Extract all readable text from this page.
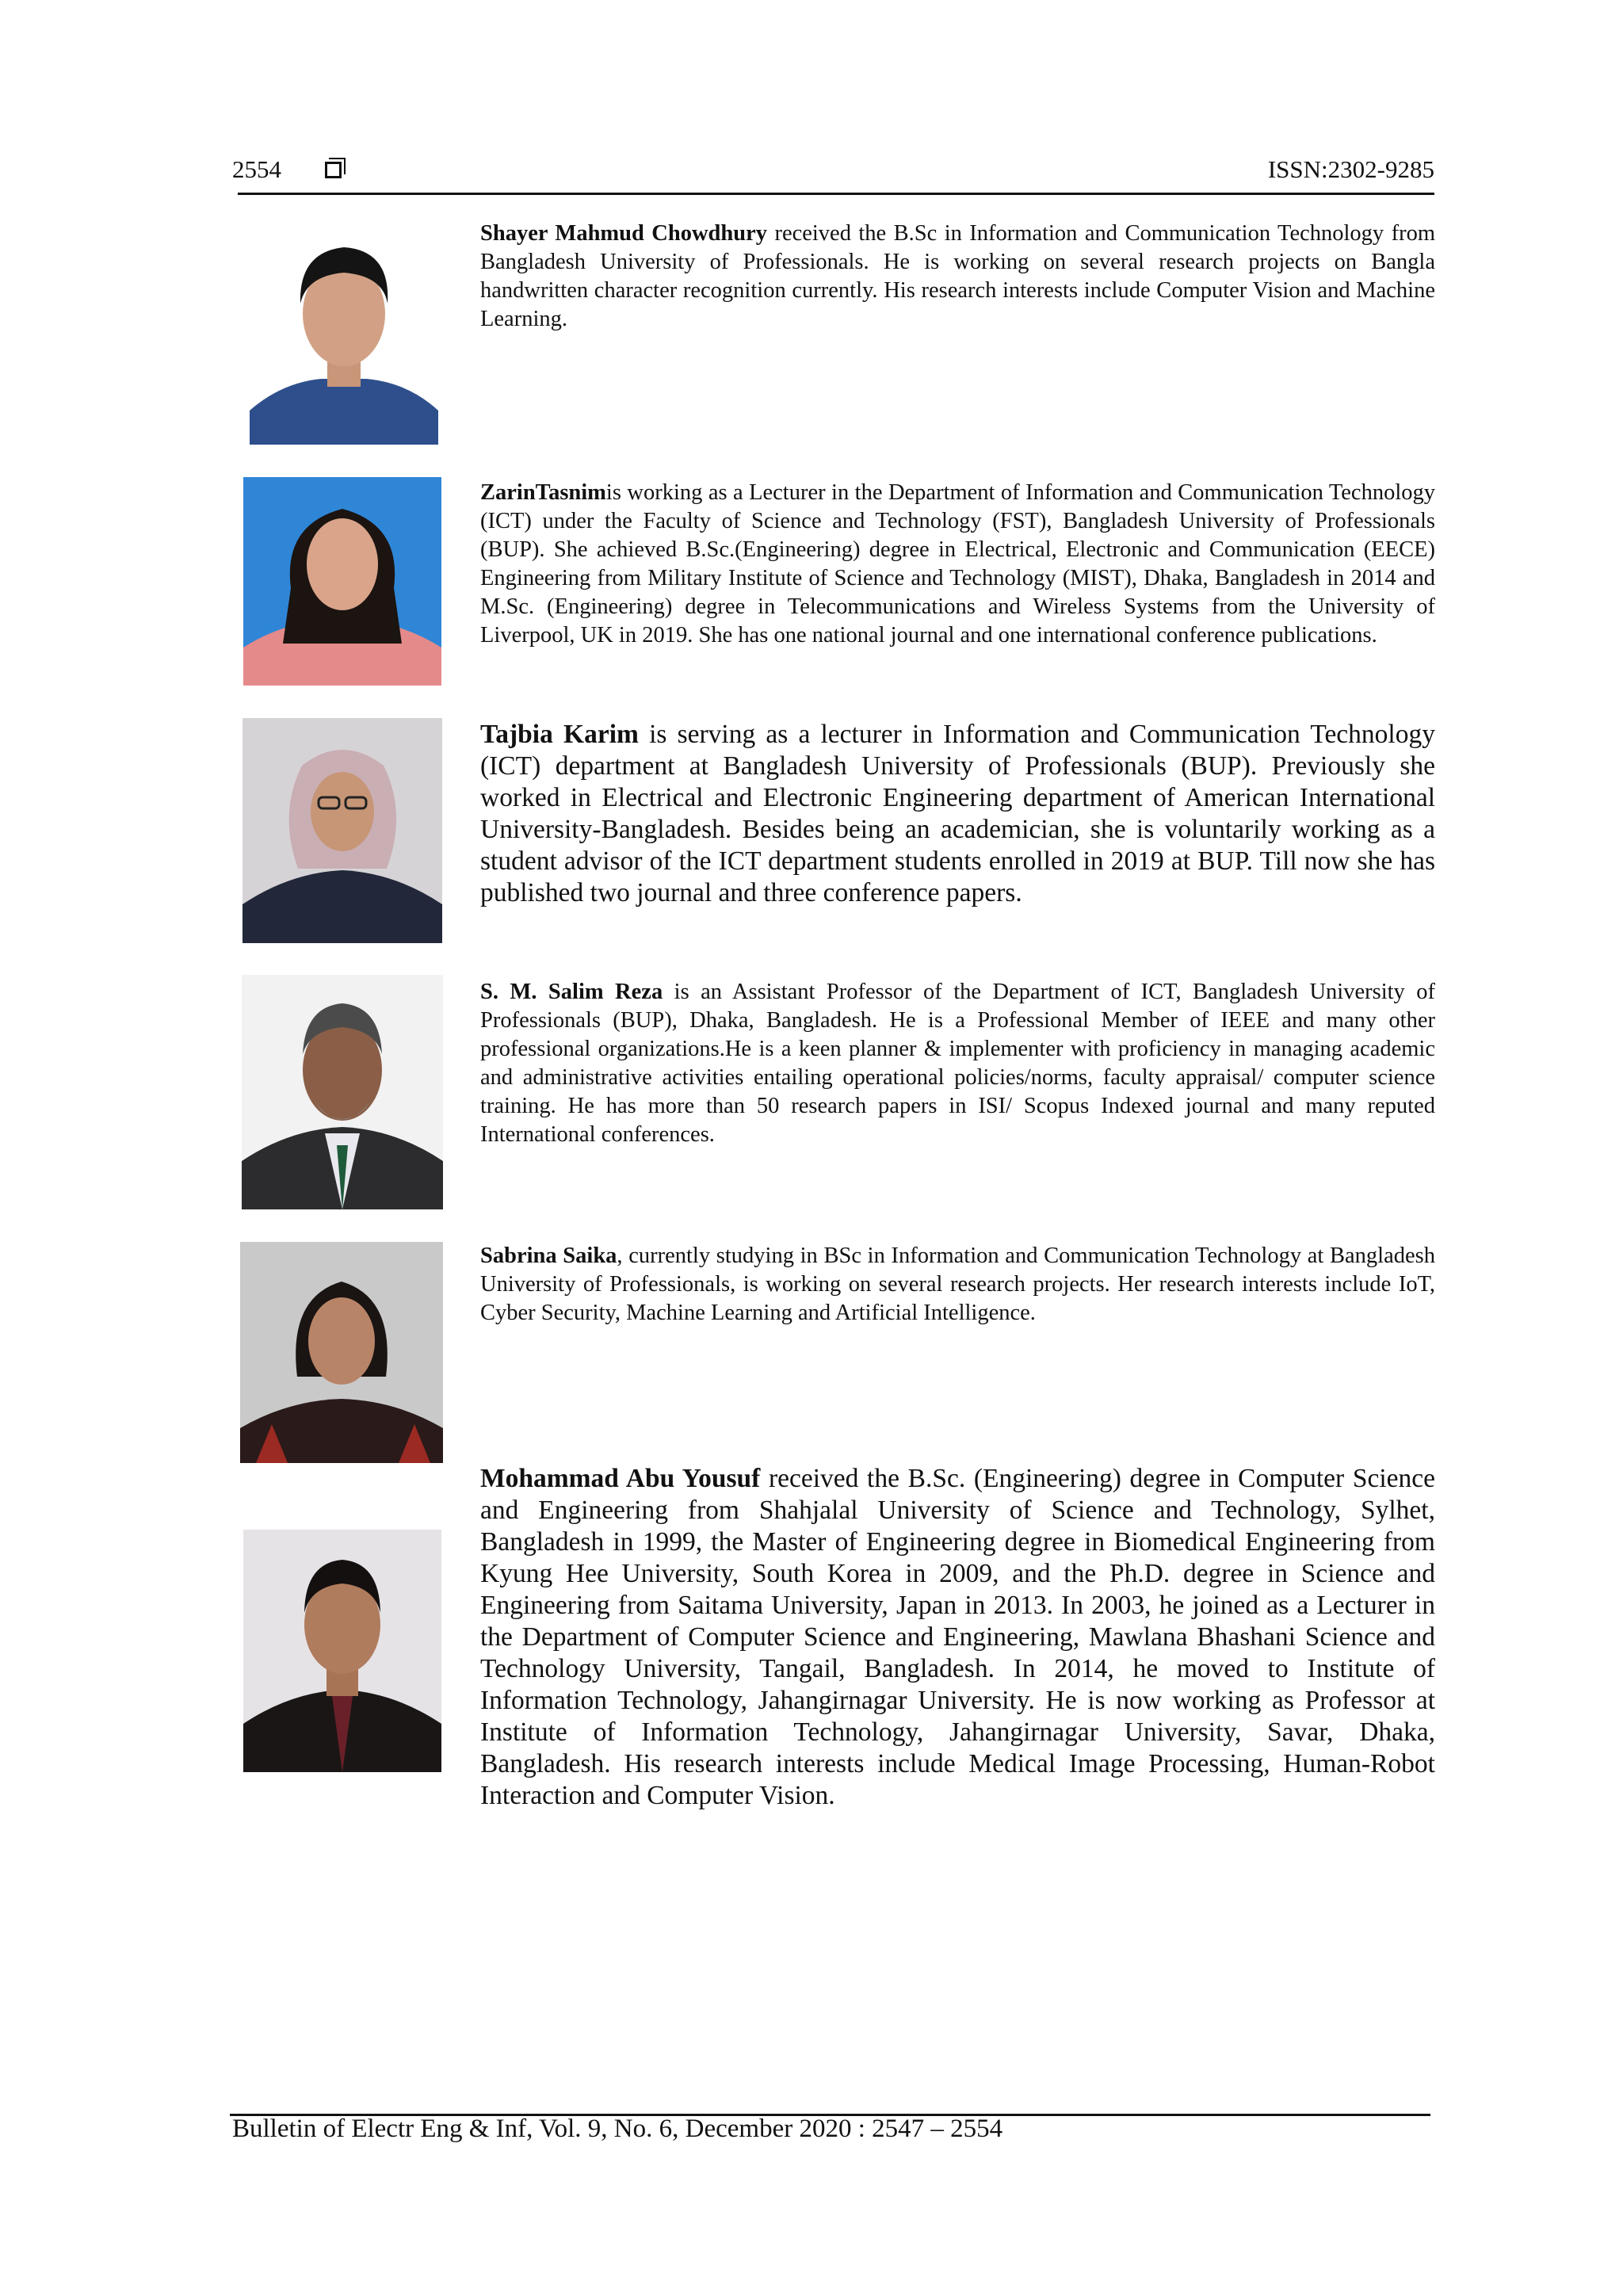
2554	ISSN:2302-9285
Shayer Mahmud Chowdhury received the B.Sc in Information and Communication Technology from Bangladesh University of Professionals. He is working on several research projects on Bangla handwritten character recognition currently. His research interests include Computer Vision and Machine Learning.
ZarinTasnimis working as a Lecturer in the Department of Information and Communication Technology (ICT) under the Faculty of Science and Technology (FST), Bangladesh University of Professionals (BUP). She achieved B.Sc.(Engineering) degree in Electrical, Electronic and Communication (EECE) Engineering from Military Institute of Science and Technology (MIST), Dhaka, Bangladesh in 2014 and M.Sc. (Engineering) degree in Telecommunications and Wireless Systems from the University of Liverpool, UK in 2019. She has one national journal and one international conference publications.
Tajbia Karim is serving as a lecturer in Information and Communication Technology (ICT) department at Bangladesh University of Professionals (BUP). Previously she worked in Electrical and Electronic Engineering department of American International University-Bangladesh. Besides being an academician, she is voluntarily working as a student advisor of the ICT department students enrolled in 2019 at BUP. Till now she has published two journal and three conference papers.
S. M. Salim Reza is an Assistant Professor of the Department of ICT, Bangladesh University of Professionals (BUP), Dhaka, Bangladesh. He is a Professional Member of IEEE and many other professional organizations.He is a keen planner & implementer with proficiency in managing academic and administrative activities entailing operational policies/norms, faculty appraisal/ computer science training. He has more than 50 research papers in ISI/ Scopus Indexed journal and many reputed International conferences.
Sabrina Saika, currently studying in BSc in Information and Communication Technology at Bangladesh University of Professionals, is working on several research projects. Her research interests include IoT, Cyber Security, Machine Learning and Artificial Intelligence.
Mohammad Abu Yousuf received the B.Sc. (Engineering) degree in Computer Science and Engineering from Shahjalal University of Science and Technology, Sylhet, Bangladesh in 1999, the Master of Engineering degree in Biomedical Engineering from Kyung Hee University, South Korea in 2009, and the Ph.D. degree in Science and Engineering from Saitama University, Japan in 2013. In 2003, he joined as a Lecturer in the Department of Computer Science and Engineering, Mawlana Bhashani Science and Technology University, Tangail, Bangladesh. In 2014, he moved to Institute of Information Technology, Jahangirnagar University. He is now working as Professor at Institute of Information Technology, Jahangirnagar University, Savar, Dhaka, Bangladesh. His research interests include Medical Image Processing, Human-Robot Interaction and Computer Vision.
Bulletin of Electr Eng & Inf, Vol. 9, No. 6, December 2020 : 2547 – 2554
